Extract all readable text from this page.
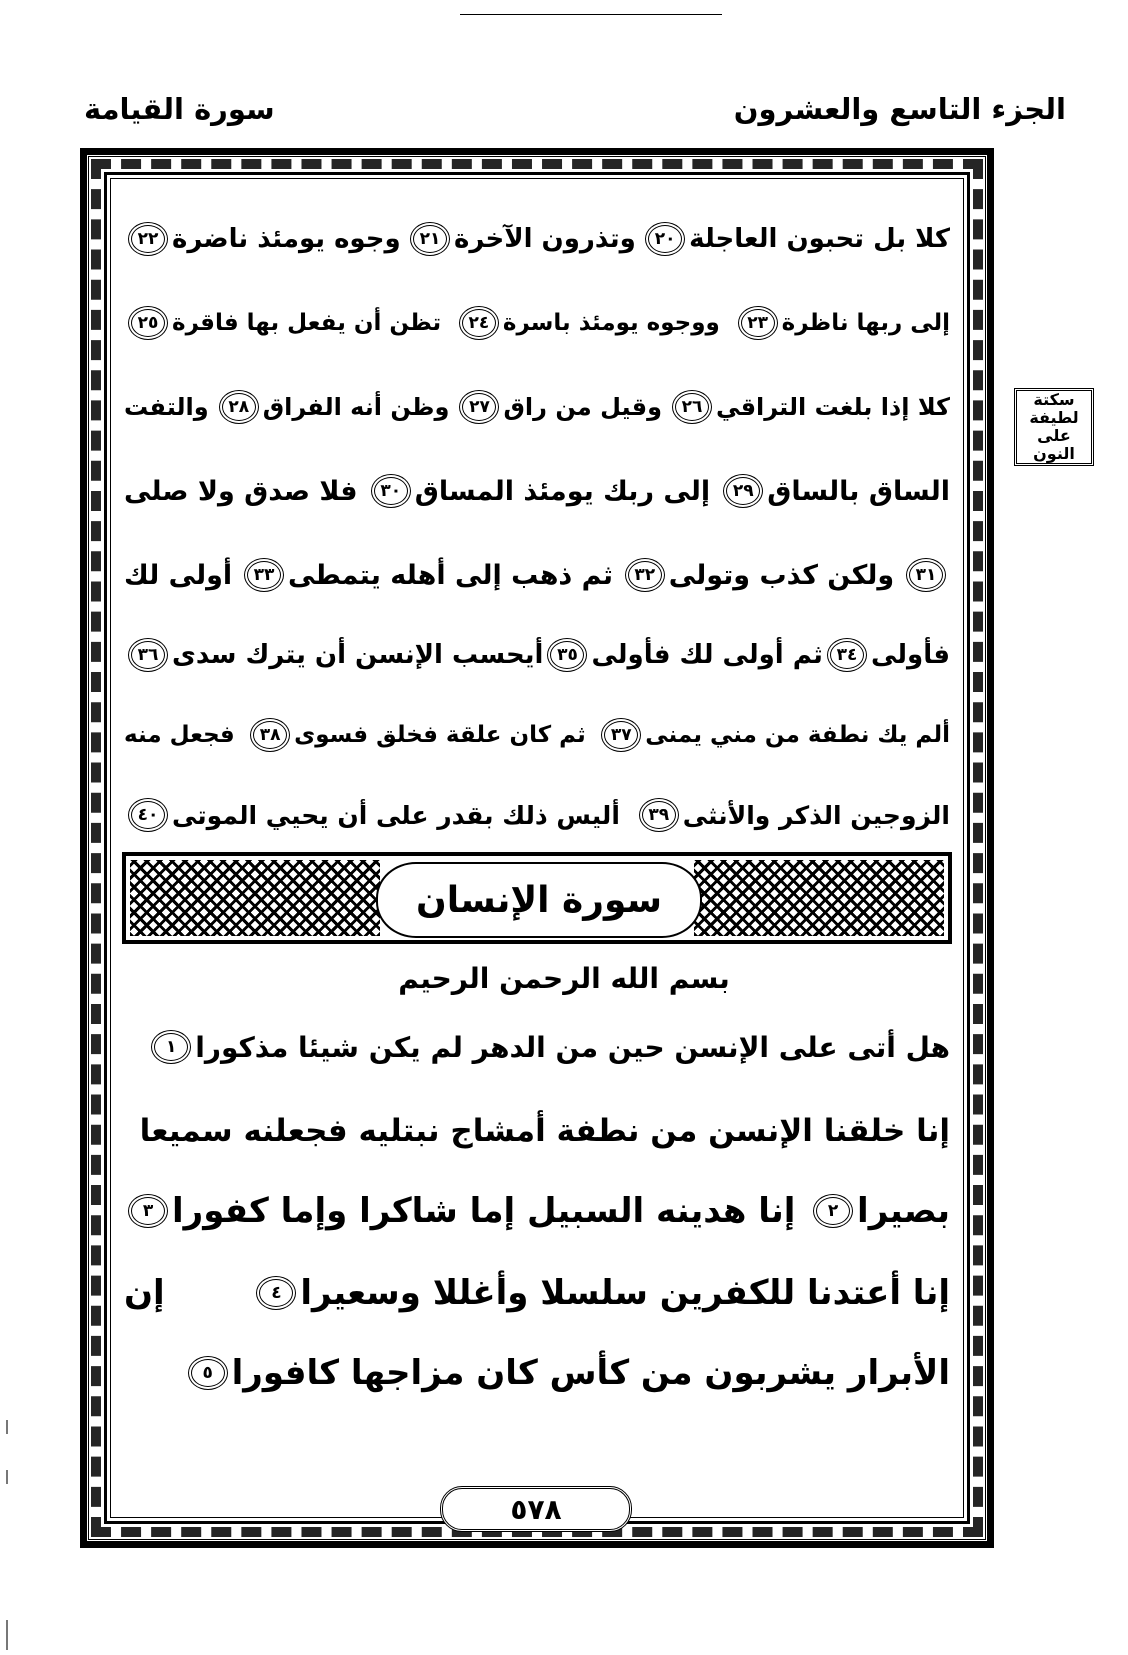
الجزء التاسع والعشرون
سورة القيامة
سكتة
لطيفة
على النون
كلا بل تحبون العاجلة
٢٠
وتذرون الآخرة
٢١
وجوه يومئذ ناضرة
٢٢
إلى ربها ناظرة
٢٣
ووجوه يومئذ باسرة
٢٤
تظن أن يفعل بها فاقرة
٢٥
كلا إذا بلغت التراقي
٢٦
وقيل من راق
٢٧
وظن أنه الفراق
٢٨
والتفت
الساق بالساق
٢٩
إلى ربك يومئذ المساق
٣٠
فلا صدق ولا صلى
٣١
ولكن كذب وتولى
٣٢
ثم ذهب إلى أهله يتمطى
٣٣
أولى لك
فأولى
٣٤
ثم أولى لك فأولى
٣٥
أيحسب الإنسن أن يترك سدى
٣٦
ألم يك نطفة من مني يمنى
٣٧
ثم كان علقة فخلق فسوى
٣٨
فجعل منه
الزوجين الذكر والأنثى
٣٩
أليس ذلك بقدر على أن يحيي الموتى
٤٠
سورة الإنسان
بسم الله الرحمن الرحيم
هل أتى على الإنسن حين من الدهر لم يكن شيئا مذكورا
١
إنا خلقنا الإنسن من نطفة أمشاج نبتليه فجعلنه سميعا
بصيرا
٢
إنا هدينه السبيل إما شاكرا وإما كفورا
٣
إنا أعتدنا للكفرين سلسلا وأغللا وسعيرا
٤
إن
الأبرار يشربون من كأس كان مزاجها كافورا
٥
٥٧٨
